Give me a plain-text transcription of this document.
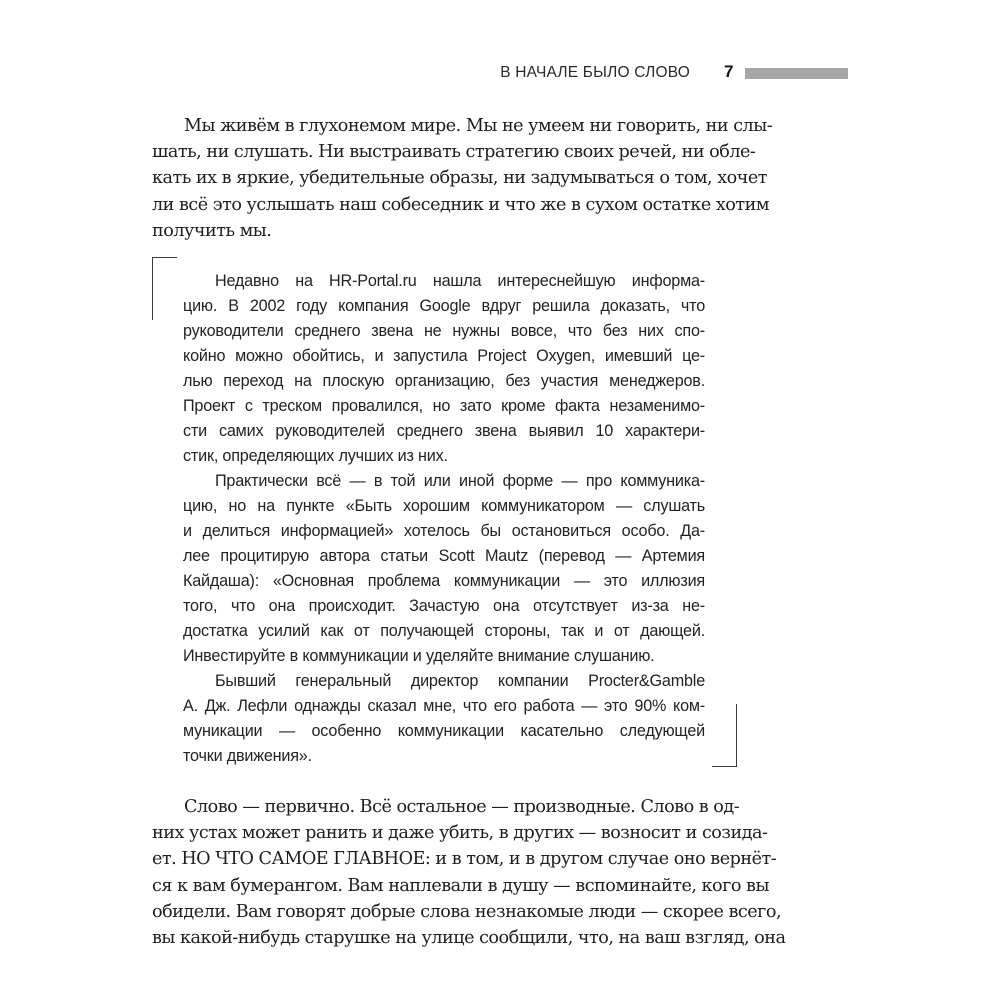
В НАЧАЛЕ БЫЛО СЛОВО 7
Мы живём в глухонемом мире. Мы не умеем ни говорить, ни слы-
шать, ни слушать. Ни выстраивать стратегию своих речей, ни обле-
кать их в яркие, убедительные образы, ни задумываться о том, хочет
ли всё это услышать наш собеседник и что же в сухом остатке хотим
получить мы.
Недавно на HR-Portal.ru нашла интереснейшую информа-
цию. В 2002 году компания Google вдруг решила доказать, что
руководители среднего звена не нужны вовсе, что без них спо-
койно можно обойтись, и запустила Project Oxygen, имевший це-
лью переход на плоскую организацию, без участия менеджеров.
Проект с треском провалился, но зато кроме факта незаменимо-
сти самих руководителей среднего звена выявил 10 характери-
стик, определяющих лучших из них.
Практически всё — в той или иной форме — про коммуника-
цию, но на пункте «Быть хорошим коммуникатором — слушать
и делиться информацией» хотелось бы остановиться особо. Да-
лее процитирую автора статьи Scott Mautz (перевод — Артемия
Кайдаша): «Основная проблема коммуникации — это иллюзия
того, что она происходит. Зачастую она отсутствует из-за не-
достатка усилий как от получающей стороны, так и от дающей.
Инвестируйте в коммуникации и уделяйте внимание слушанию.
Бывший генеральный директор компании Procter&Gamble
А. Дж. Лефли однажды сказал мне, что его работа — это 90% ком-
муникации — особенно коммуникации касательно следующей
точки движения».
Слово — первично. Всё остальное — производные. Слово в од-
них устах может ранить и даже убить, в других — возносит и созида-
ет. НО ЧТО САМОЕ ГЛАВНОЕ: и в том, и в другом случае оно вернёт-
ся к вам бумерангом. Вам наплевали в душу — вспоминайте, кого вы
обидели. Вам говорят добрые слова незнакомые люди — скорее всего,
вы какой-нибудь старушке на улице сообщили, что, на ваш взгляд, она
